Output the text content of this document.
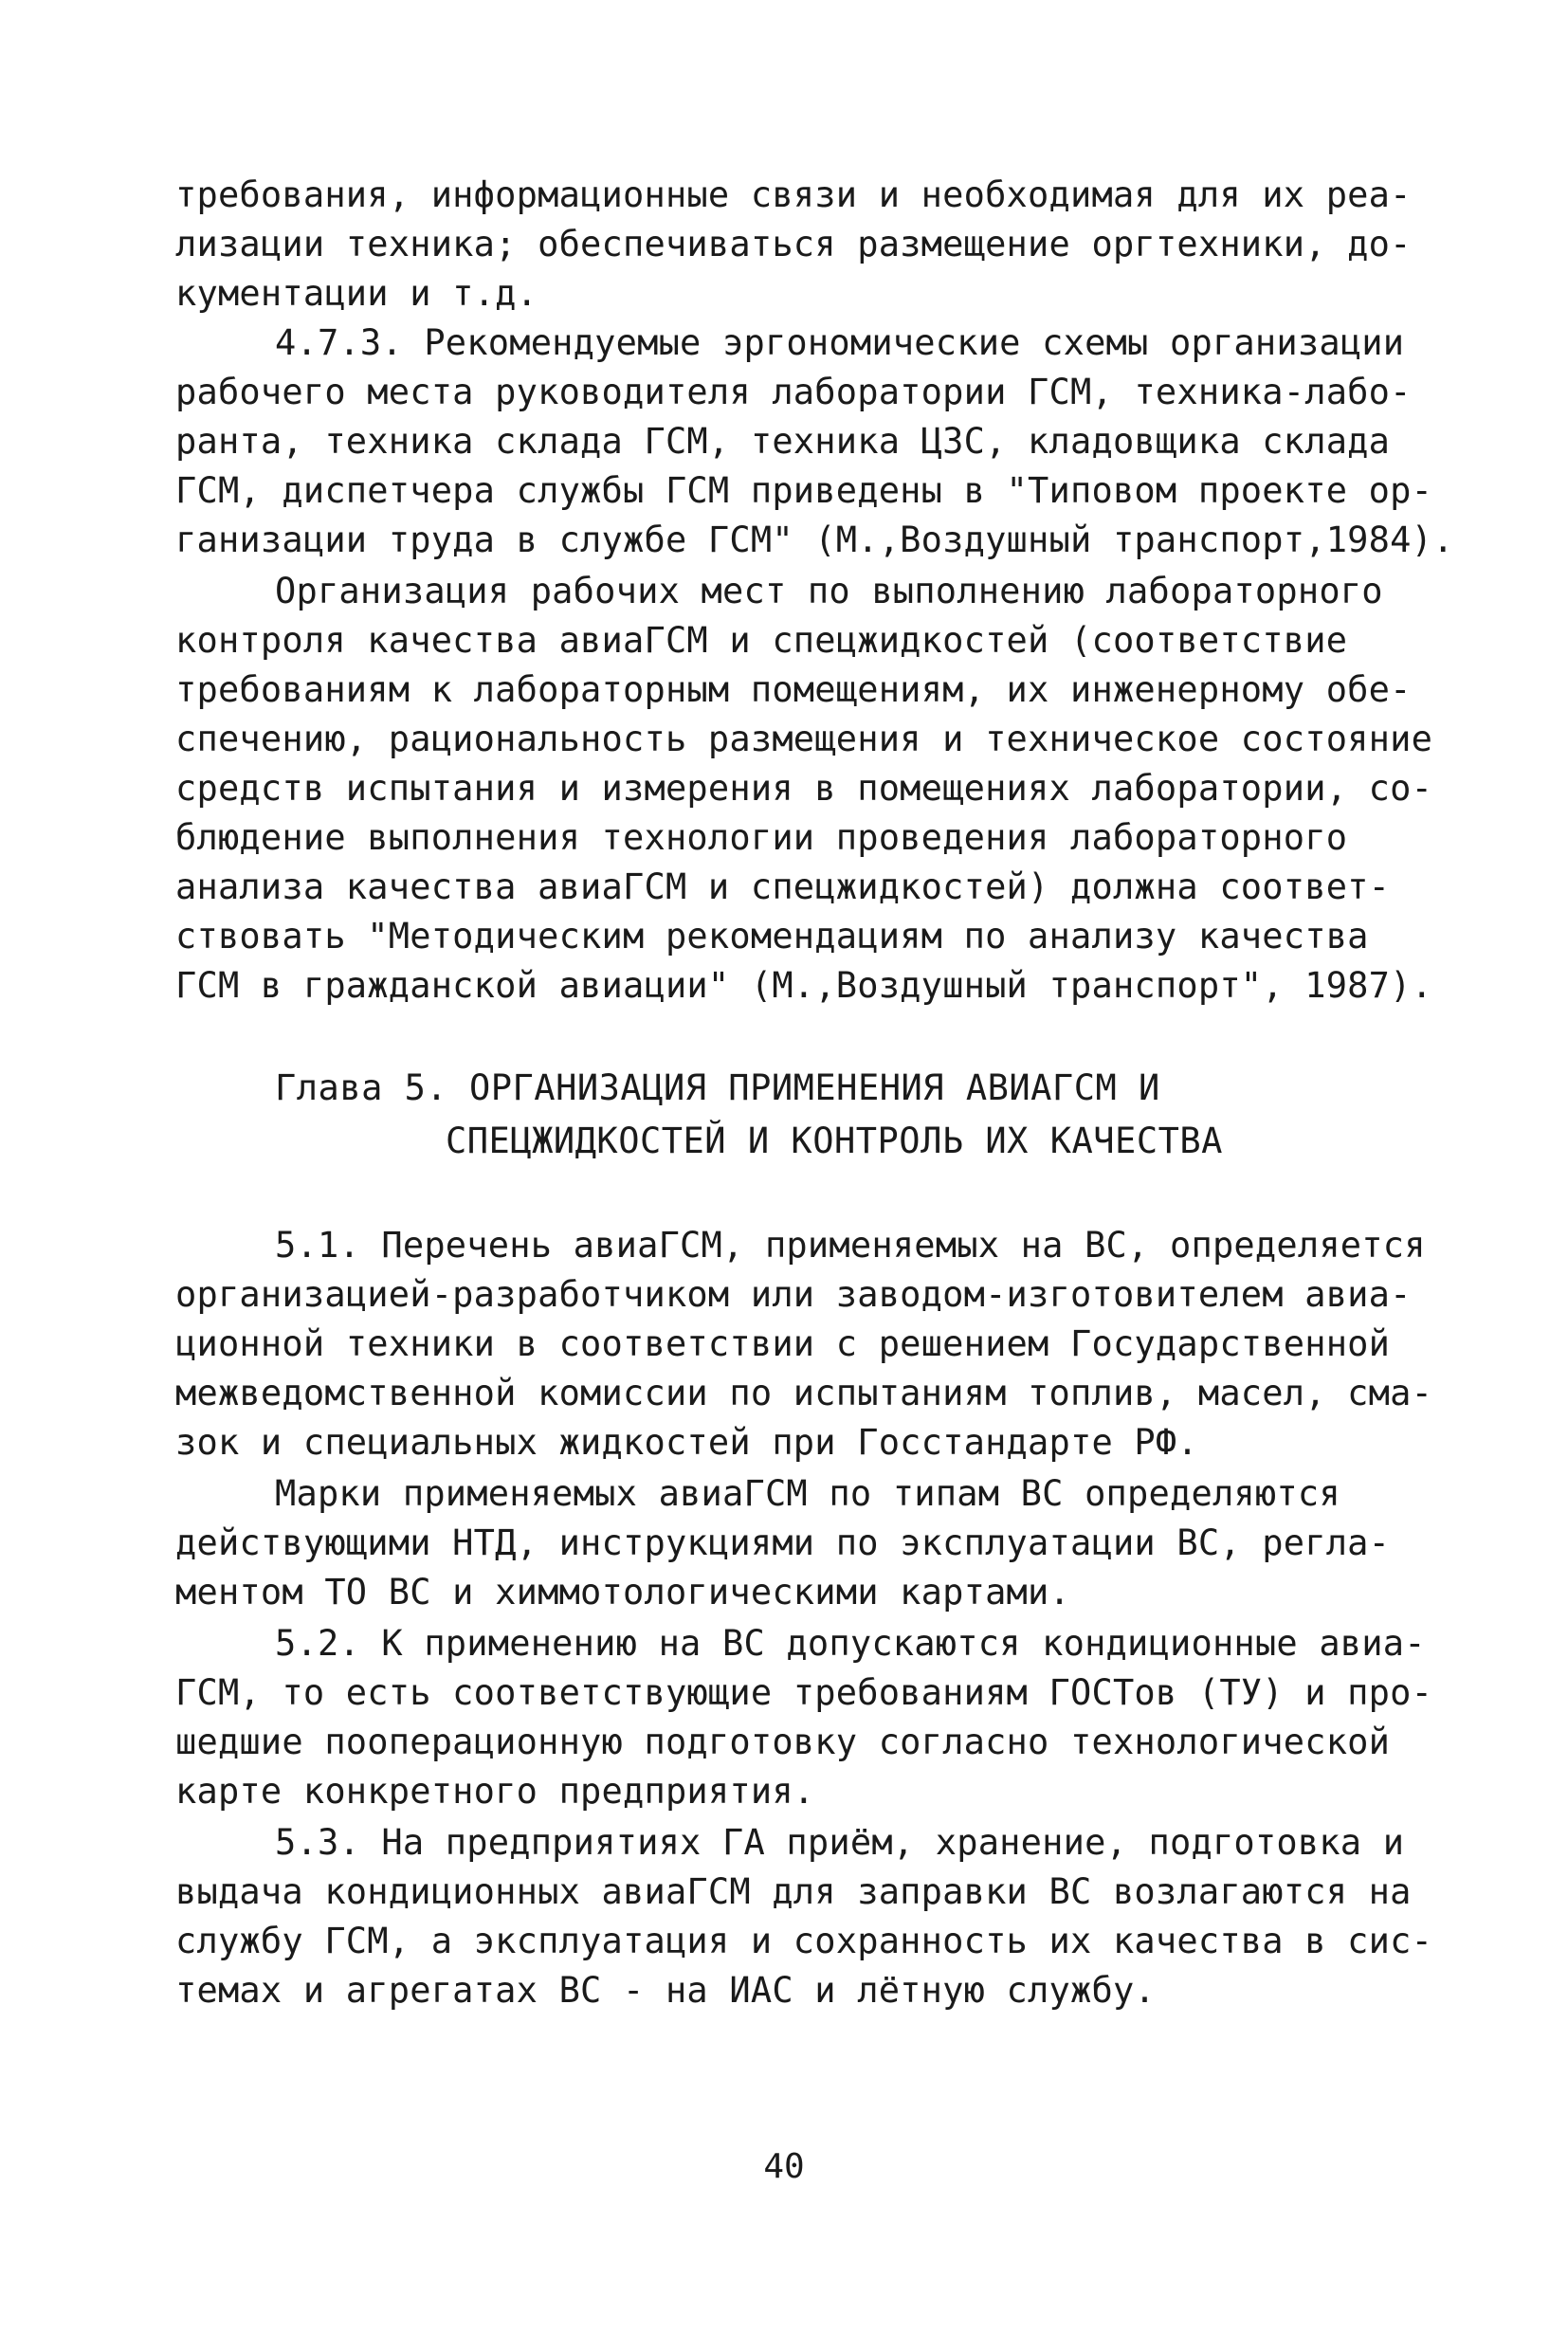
требования, информационные связи и необходимая для их реа-
лизации техника; обеспечиваться размещение оргтехники, до-
кументации и т.д.
4.7.3. Рекомендуемые эргономические схемы организации
рабочего места руководителя лаборатории ГСМ, техника-лабо-
ранта, техника склада ГСМ, техника ЦЗС, кладовщика склада
ГСМ, диспетчера службы ГСМ приведены в "Типовом проекте ор-
ганизации труда в службе ГСМ" (М.,Воздушный транспорт,1984).
Организация рабочих мест по выполнению лабораторного
контроля качества авиаГСМ и спецжидкостей (соответствие
требованиям к лабораторным помещениям, их инженерному обе-
спечению, рациональность размещения и техническое состояние
средств испытания и измерения в помещениях лаборатории, со-
блюдение выполнения технологии проведения лабораторного
анализа качества авиаГСМ и спецжидкостей) должна соответ-
ствовать "Методическим рекомендациям по анализу качества
ГСМ в гражданской авиации" (М.,Воздушный транспорт", 1987).
Глава 5. ОРГАНИЗАЦИЯ ПРИМЕНЕНИЯ АВИАГСМ И
СПЕЦЖИДКОСТЕЙ И КОНТРОЛЬ ИХ КАЧЕСТВА
5.1. Перечень авиаГСМ, применяемых на ВС, определяется
организацией-разработчиком или заводом-изготовителем авиа-
ционной техники в соответствии с решением Государственной
межведомственной комиссии по испытаниям топлив, масел, сма-
зок и специальных жидкостей при Госстандарте РФ.
Марки применяемых авиаГСМ по типам ВС определяются
действующими НТД, инструкциями по эксплуатации ВС, регла-
ментом ТО ВС и химмотологическими картами.
5.2. К применению на ВС допускаются кондиционные авиа-
ГСМ, то есть соответствующие требованиям ГОСТов (ТУ) и про-
шедшие пооперационную подготовку согласно технологической
карте конкретного предприятия.
5.3. На предприятиях ГА приём, хранение, подготовка и
выдача кондиционных авиаГСМ для заправки ВС возлагаются на
службу ГСМ, а эксплуатация и сохранность их качества в сис-
темах и агрегатах ВС - на ИАС и лётную службу.
40
